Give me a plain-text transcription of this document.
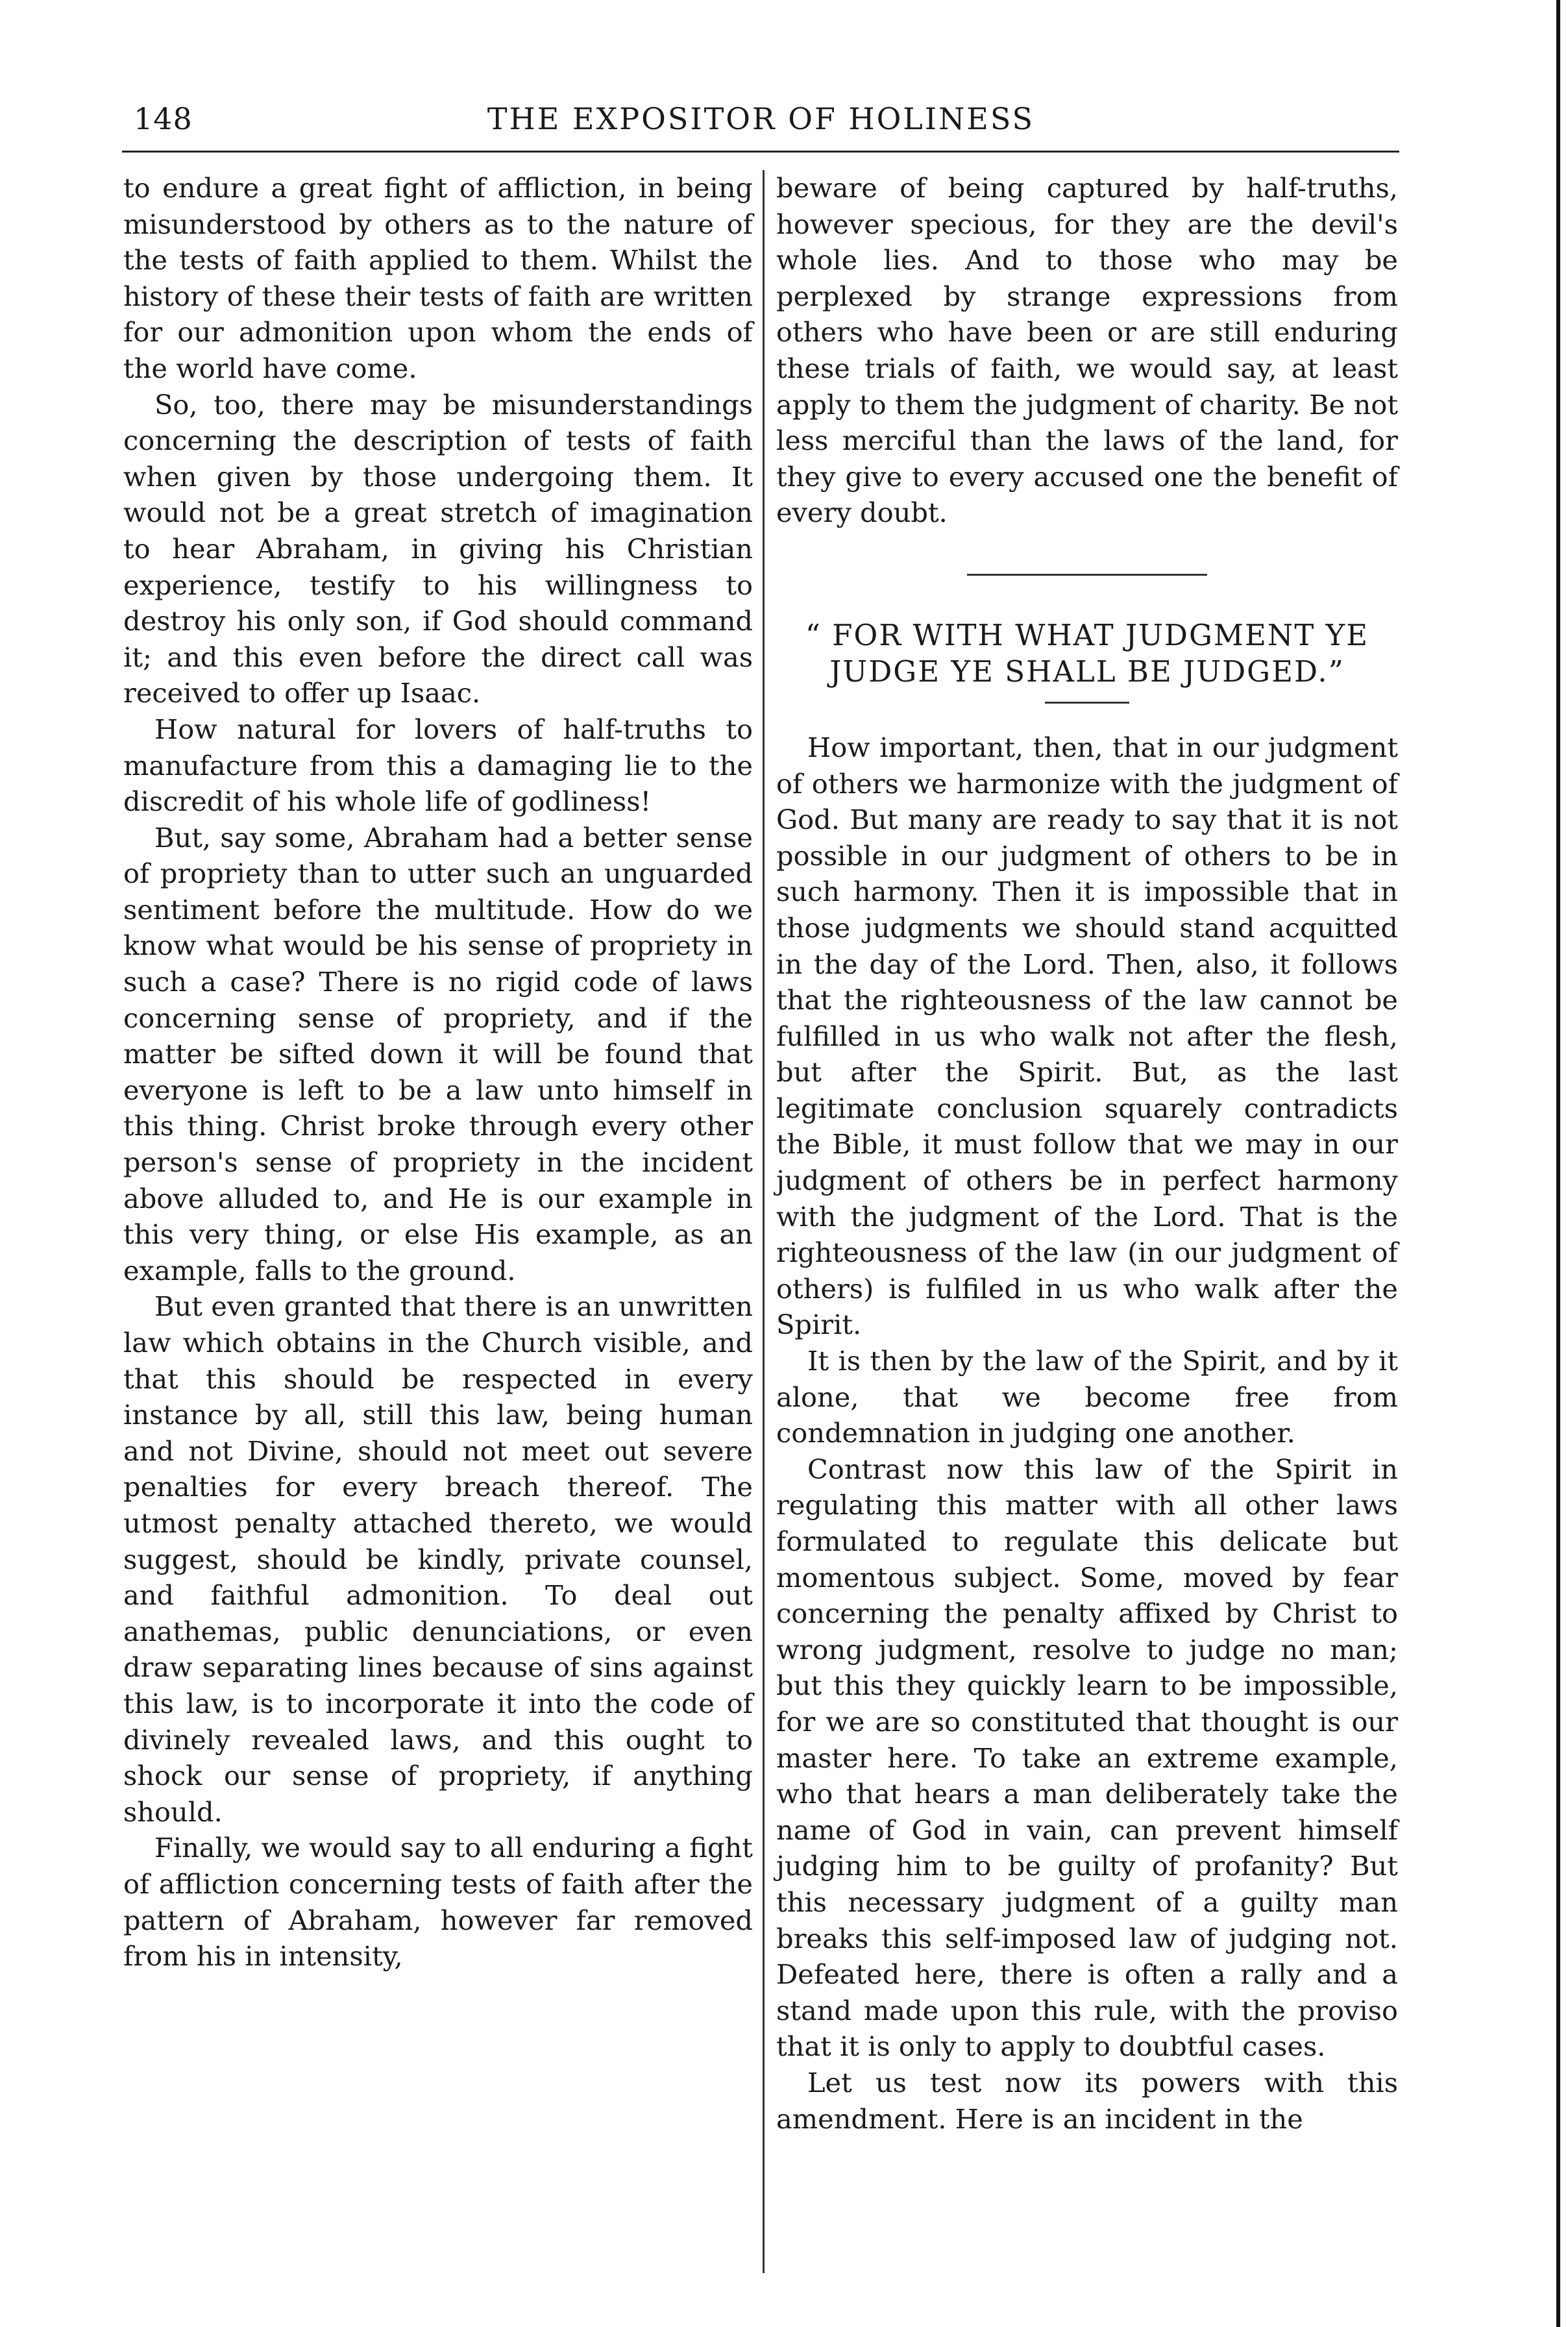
148	THE EXPOSITOR OF HOLINESS

to endure a great fight of affliction, in being misunderstood by others as to the nature of the tests of faith applied to them. Whilst the history of these their tests of faith are written for our admonition upon whom the ends of the world have come.

So, too, there may be misunderstandings concerning the description of tests of faith when given by those undergoing them. It would not be a great stretch of imagination to hear Abraham, in giving his Christian experience, testify to his willingness to destroy his only son, if God should command it; and this even before the direct call was received to offer up Isaac.

How natural for lovers of half-truths to manufacture from this a damaging lie to the discredit of his whole life of godliness!

But, say some, Abraham had a better sense of propriety than to utter such an unguarded sentiment before the multitude. How do we know what would be his sense of propriety in such a case? There is no rigid code of laws concerning sense of propriety, and if the matter be sifted down it will be found that everyone is left to be a law unto himself in this thing. Christ broke through every other person's sense of propriety in the incident above alluded to, and He is our example in this very thing, or else His example, as an example, falls to the ground.

But even granted that there is an unwritten law which obtains in the Church visible, and that this should be respected in every instance by all, still this law, being human and not Divine, should not meet out severe penalties for every breach thereof. The utmost penalty attached thereto, we would suggest, should be kindly, private counsel, and faithful admonition. To deal out anathemas, public denunciations, or even draw separating lines because of sins against this law, is to incorporate it into the code of divinely revealed laws, and this ought to shock our sense of propriety, if anything should.

Finally, we would say to all enduring a fight of affliction concerning tests of faith after the pattern of Abraham, however far removed from his in intensity,

beware of being captured by half-truths, however specious, for they are the devil's whole lies. And to those who may be perplexed by strange expressions from others who have been or are still enduring these trials of faith, we would say, at least apply to them the judgment of charity. Be not less merciful than the laws of the land, for they give to every accused one the benefit of every doubt.

“ FOR WITH WHAT JUDGMENT YE JUDGE YE SHALL BE JUDGED.”

How important, then, that in our judgment of others we harmonize with the judgment of God. But many are ready to say that it is not possible in our judgment of others to be in such harmony. Then it is impossible that in those judgments we should stand acquitted in the day of the Lord. Then, also, it follows that the righteousness of the law cannot be fulfilled in us who walk not after the flesh, but after the Spirit. But, as the last legitimate conclusion squarely contradicts the Bible, it must follow that we may in our judgment of others be in perfect harmony with the judgment of the Lord. That is the righteousness of the law (in our judgment of others) is fulfiled in us who walk after the Spirit.

It is then by the law of the Spirit, and by it alone, that we become free from condemnation in judging one another.

Contrast now this law of the Spirit in regulating this matter with all other laws formulated to regulate this delicate but momentous subject. Some, moved by fear concerning the penalty affixed by Christ to wrong judgment, resolve to judge no man; but this they quickly learn to be impossible, for we are so constituted that thought is our master here. To take an extreme example, who that hears a man deliberately take the name of God in vain, can prevent himself judging him to be guilty of profanity? But this necessary judgment of a guilty man breaks this self-imposed law of judging not. Defeated here, there is often a rally and a stand made upon this rule, with the proviso that it is only to apply to doubtful cases.

Let us test now its powers with this amendment. Here is an incident in the
